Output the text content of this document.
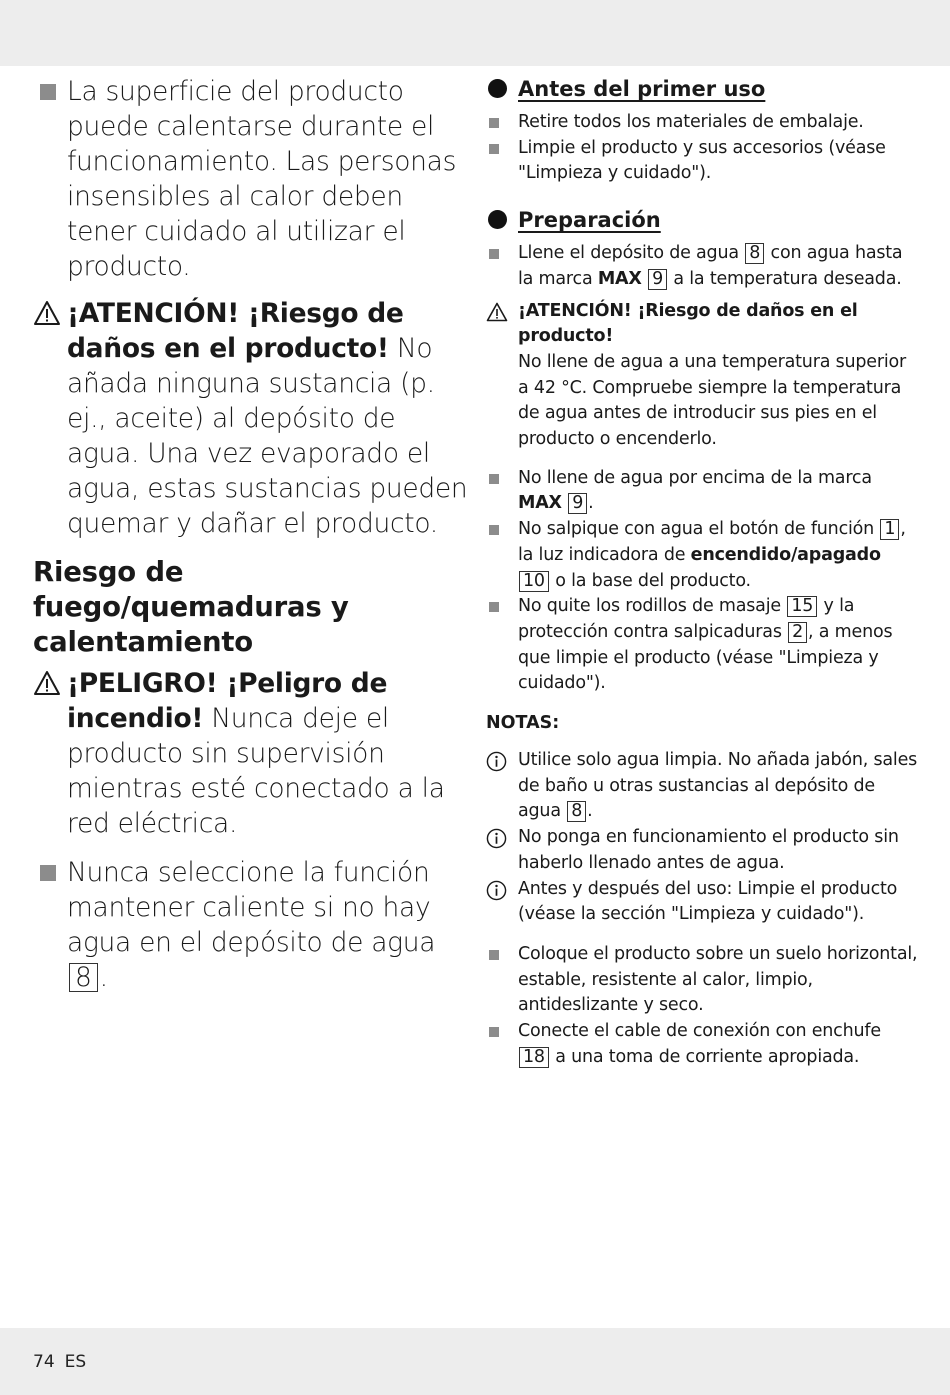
La superficie del producto puede calentarse durante el funcionamiento. Las personas insensibles al calor deben tener cuidado al utilizar el producto.
¡ATENCIÓN! ¡Riesgo de daños en el producto! No añada ninguna sustancia (p. ej., aceite) al depósito de agua. Una vez evaporado el agua, estas sustancias pueden quemar y dañar el producto.
Riesgo de fuego/quemaduras y calentamiento
¡PELIGRO! ¡Peligro de incendio! Nunca deje el producto sin supervisión mientras esté conectado a la red eléctrica.
Nunca seleccione la función mantener caliente si no hay agua en el depósito de agua 8 .
Antes del primer uso
Retire todos los materiales de embalaje.
Limpie el producto y sus accesorios (véase "Limpieza y cuidado").
Preparación
Llene el depósito de agua 8 con agua hasta la marca MAX 9 a la temperatura deseada.
¡ATENCIÓN! ¡Riesgo de daños en el producto!
No llene de agua a una temperatura superior a 42 °C. Compruebe siempre la temperatura de agua antes de introducir sus pies en el producto o encenderlo.
No llene de agua por encima de la marca MAX 9 .
No salpique con agua el botón de función 1 , la luz indicadora de encendido/apagado 10 o la base del producto.
No quite los rodillos de masaje 15 y la protección contra salpicaduras 2 , a menos que limpie el producto (véase "Limpieza y cuidado").
NOTAS:
Utilice solo agua limpia. No añada jabón, sales de baño u otras sustancias al depósito de agua 8 .
No ponga en funcionamiento el producto sin haberlo llenado antes de agua.
Antes y después del uso: Limpie el producto (véase la sección "Limpieza y cuidado").
Coloque el producto sobre un suelo horizontal, estable, resistente al calor, limpio, antideslizante y seco.
Conecte el cable de conexión con enchufe 18 a una toma de corriente apropiada.
74 ES
